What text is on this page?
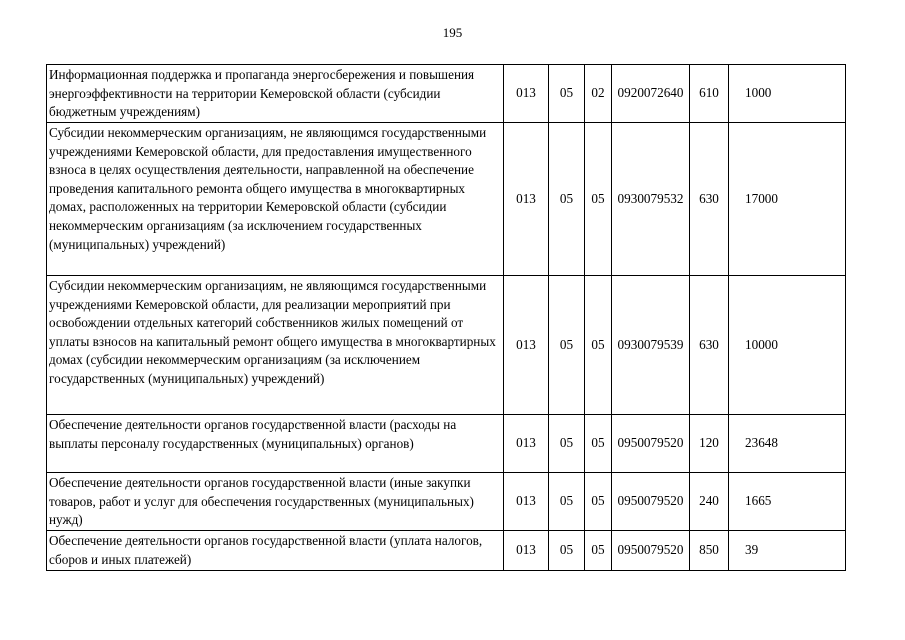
195
Информационная поддержка и пропаганда энергосбережения и повышения энергоэффективности на территории Кемеровской области (субсидии бюджетным учреждениям)	013	05	02	0920072640	610	1000
Субсидии некоммерческим организациям, не являющимся государственными учреждениями Кемеровской области, для предоставления имущественного взноса в целях осуществления деятельности, направленной на обеспечение проведения капитального ремонта общего имущества в многоквартирных домах, расположенных на территории Кемеровской области (субсидии некоммерческим организациям (за исключением государственных (муниципальных) учреждений)	013	05	05	0930079532	630	17000
Субсидии некоммерческим организациям, не являющимся государственными учреждениями Кемеровской области, для реализации мероприятий при освобождении отдельных категорий собственников жилых помещений от уплаты взносов на капитальный ремонт общего имущества в многоквартирных домах (субсидии некоммерческим организациям (за исключением государственных (муниципальных) учреждений)	013	05	05	0930079539	630	10000
Обеспечение деятельности органов государственной власти (расходы на выплаты персоналу государственных (муниципальных) органов)	013	05	05	0950079520	120	23648
Обеспечение деятельности органов государственной власти (иные закупки товаров, работ и услуг для обеспечения государственных (муниципальных) нужд)	013	05	05	0950079520	240	1665
Обеспечение деятельности органов государственной власти (уплата налогов, сборов и иных платежей)	013	05	05	0950079520	850	39
